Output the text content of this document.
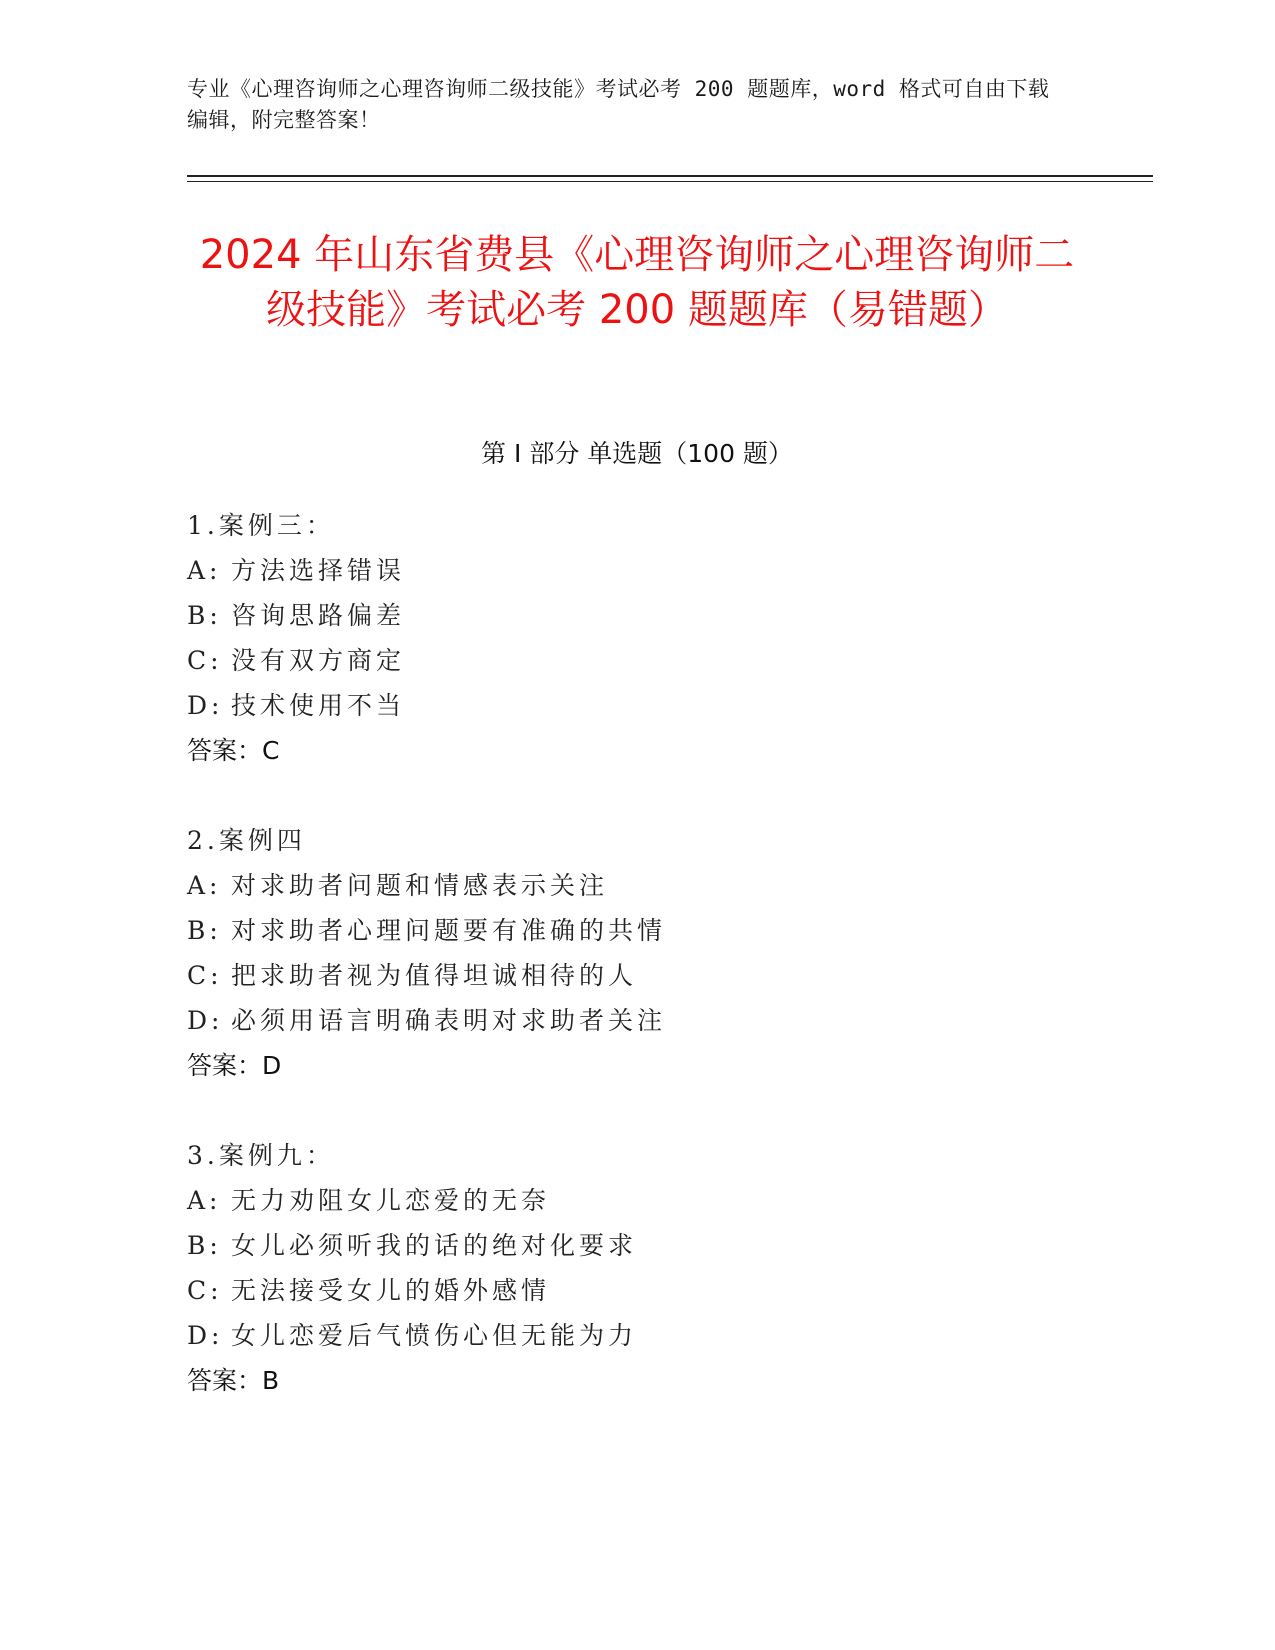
专业《心理咨询师之心理咨询师二级技能》考试必考 200 题题库，word 格式可自由下载编辑，附完整答案！
2024 年山东省费县《心理咨询师之心理咨询师二级技能》考试必考 200 题题库（易错题）
第 I 部分 单选题（100 题）
1.案例三：
A: 方法选择错误
B: 咨询思路偏差
C: 没有双方商定
D: 技术使用不当
答案：C
2.案例四
A: 对求助者问题和情感表示关注
B: 对求助者心理问题要有准确的共情
C: 把求助者视为值得坦诚相待的人
D: 必须用语言明确表明对求助者关注
答案：D
3.案例九：
A: 无力劝阻女儿恋爱的无奈
B: 女儿必须听我的话的绝对化要求
C: 无法接受女儿的婚外感情
D: 女儿恋爱后气愤伤心但无能为力
答案：B
